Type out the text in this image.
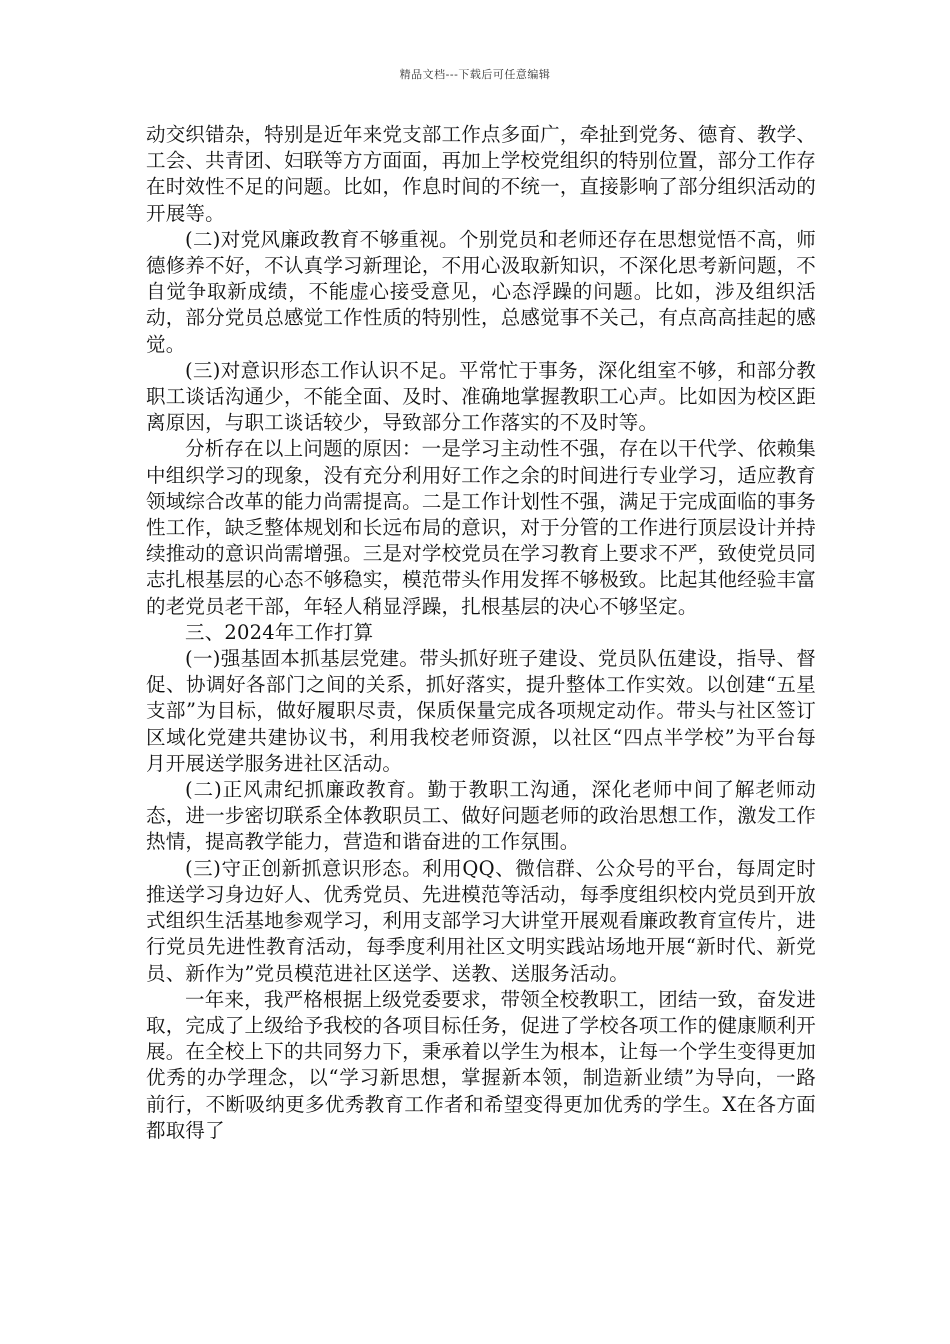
精品文档---下载后可任意编辑

动交织错杂，特别是近年来党支部工作点多面广，牵扯到党务、德育、教学、工会、共青团、妇联等方方面面，再加上学校党组织的特别位置，部分工作存在时效性不足的问题。比如，作息时间的不统一，直接影响了部分组织活动的开展等。

(二)对党风廉政教育不够重视。个别党员和老师还存在思想觉悟不高，师德修养不好，不认真学习新理论，不用心汲取新知识，不深化思考新问题，不自觉争取新成绩，不能虚心接受意见，心态浮躁的问题。比如，涉及组织活动，部分党员总感觉工作性质的特别性，总感觉事不关己，有点高高挂起的感觉。

(三)对意识形态工作认识不足。平常忙于事务，深化组室不够，和部分教职工谈话沟通少，不能全面、及时、准确地掌握教职工心声。比如因为校区距离原因，与职工谈话较少，导致部分工作落实的不及时等。

分析存在以上问题的原因：一是学习主动性不强，存在以干代学、依赖集中组织学习的现象，没有充分利用好工作之余的时间进行专业学习，适应教育领域综合改革的能力尚需提高。二是工作计划性不强，满足于完成面临的事务性工作，缺乏整体规划和长远布局的意识，对于分管的工作进行顶层设计并持续推动的意识尚需增强。三是对学校党员在学习教育上要求不严，致使党员同志扎根基层的心态不够稳实，模范带头作用发挥不够极致。比起其他经验丰富的老党员老干部，年轻人稍显浮躁，扎根基层的决心不够坚定。

三、2024年工作打算

(一)强基固本抓基层党建。带头抓好班子建设、党员队伍建设，指导、督促、协调好各部门之间的关系，抓好落实，提升整体工作实效。以创建“五星支部”为目标，做好履职尽责，保质保量完成各项规定动作。带头与社区签订区域化党建共建协议书，利用我校老师资源，以社区“四点半学校”为平台每月开展送学服务进社区活动。

(二)正风肃纪抓廉政教育。勤于教职工沟通，深化老师中间了解老师动态，进一步密切联系全体教职员工、做好问题老师的政治思想工作，激发工作热情，提高教学能力，营造和谐奋进的工作氛围。

(三)守正创新抓意识形态。利用QQ、微信群、公众号的平台，每周定时推送学习身边好人、优秀党员、先进模范等活动，每季度组织校内党员到开放式组织生活基地参观学习，利用支部学习大讲堂开展观看廉政教育宣传片，进行党员先进性教育活动，每季度利用社区文明实践站场地开展“新时代、新党员、新作为”党员模范进社区送学、送教、送服务活动。

一年来，我严格根据上级党委要求，带领全校教职工，团结一致，奋发进取，完成了上级给予我校的各项目标任务，促进了学校各项工作的健康顺利开展。在全校上下的共同努力下，秉承着以学生为根本，让每一个学生变得更加优秀的办学理念，以“学习新思想，掌握新本领，制造新业绩”为导向，一路前行，不断吸纳更多优秀教育工作者和希望变得更加优秀的学生。X在各方面都取得了
